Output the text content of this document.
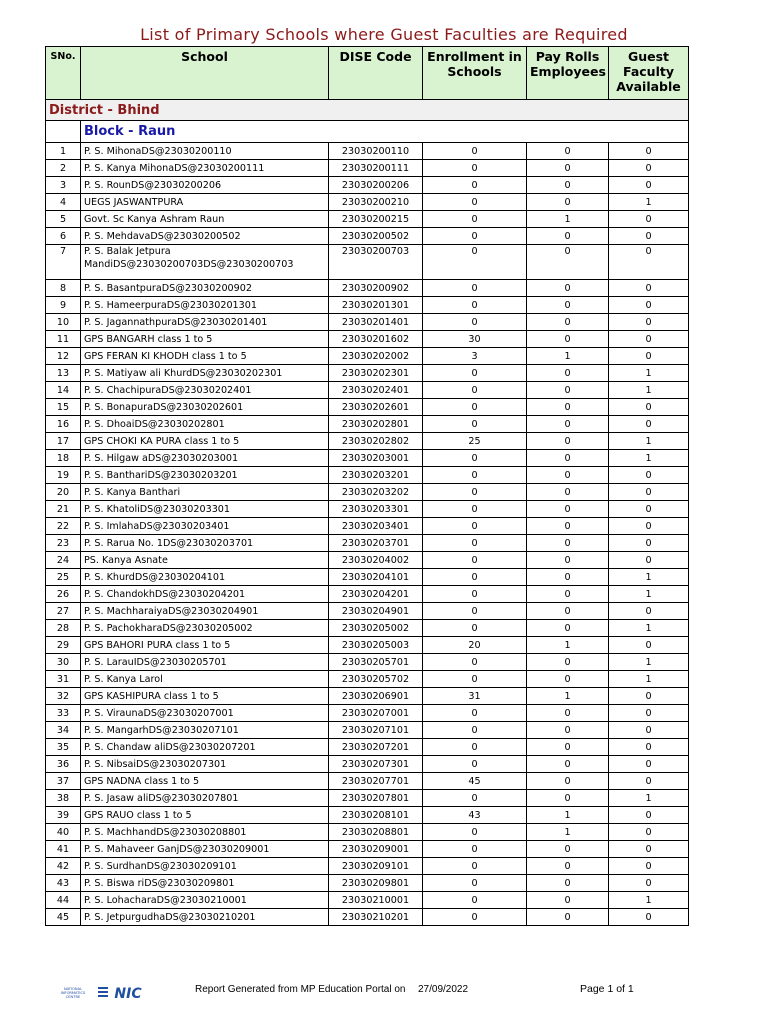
List of Primary Schools where Guest Faculties are Required
SNo.	School	DISE Code	Enrollment in Schools	Pay Rolls Employees	Guest Faculty Available
District - Bhind					
	Block - Raun				
1	P. S. MihonaDS@23030200110	23030200110	0	0	0
2	P. S. Kanya MihonaDS@23030200111	23030200111	0	0	0
3	P. S. RounDS@23030200206	23030200206	0	0	0
4	UEGS JASWANTPURA	23030200210	0	0	1
5	Govt. Sc Kanya Ashram Raun	23030200215	0	1	0
6	P. S. MehdavaDS@23030200502	23030200502	0	0	0
7	P. S. Balak Jetpura MandiDS@23030200703DS@23030200703	23030200703	0	0	0
8	P. S. BasantpuraDS@23030200902	23030200902	0	0	0
9	P. S. HameerpuraDS@23030201301	23030201301	0	0	0
10	P. S. JagannathpuraDS@23030201401	23030201401	0	0	0
11	GPS BANGARH class 1 to 5	23030201602	30	0	0
12	GPS FERAN KI KHODH class 1 to 5	23030202002	3	1	0
13	P. S. Matiyaw ali KhurdDS@23030202301	23030202301	0	0	1
14	P. S. ChachipuraDS@23030202401	23030202401	0	0	1
15	P. S. BonapuraDS@23030202601	23030202601	0	0	0
16	P. S. DhoaiDS@23030202801	23030202801	0	0	0
17	GPS CHOKI KA PURA class 1 to 5	23030202802	25	0	1
18	P. S. Hilgaw aDS@23030203001	23030203001	0	0	1
19	P. S. BanthariDS@23030203201	23030203201	0	0	0
20	P. S. Kanya Banthari	23030203202	0	0	0
21	P. S. KhatoliDS@23030203301	23030203301	0	0	0
22	P. S. ImlahaDS@23030203401	23030203401	0	0	0
23	P. S. Rarua No. 1DS@23030203701	23030203701	0	0	0
24	PS. Kanya Asnate	23030204002	0	0	0
25	P. S. KhurdDS@23030204101	23030204101	0	0	1
26	P. S. ChandokhDS@23030204201	23030204201	0	0	1
27	P. S. MachharaiyaDS@23030204901	23030204901	0	0	0
28	P. S. PachokharaDS@23030205002	23030205002	0	0	1
29	GPS BAHORI PURA class 1 to 5	23030205003	20	1	0
30	P. S. LarauIDS@23030205701	23030205701	0	0	1
31	P. S. Kanya Larol	23030205702	0	0	1
32	GPS KASHIPURA class 1 to 5	23030206901	31	1	0
33	P. S. ViraunaDS@23030207001	23030207001	0	0	0
34	P. S. MangarhDS@23030207101	23030207101	0	0	0
35	P. S. Chandaw aliDS@23030207201	23030207201	0	0	0
36	P. S. NibsaiDS@23030207301	23030207301	0	0	0
37	GPS NADNA class 1 to 5	23030207701	45	0	0
38	P. S. Jasaw aliDS@23030207801	23030207801	0	0	1
39	GPS RAUO class 1 to 5	23030208101	43	1	0
40	P. S. MachhandDS@23030208801	23030208801	0	1	0
41	P. S. Mahaveer GanjDS@23030209001	23030209001	0	0	0
42	P. S. SurdhanDS@23030209101	23030209101	0	0	0
43	P. S. Biswa riDS@23030209801	23030209801	0	0	0
44	P. S. LohacharaDS@23030210001	23030210001	0	0	1
45	P. S. JetpurgudhaDS@23030210201	23030210201	0	0	0
NATIONAL
INFORMATICS
CENTRE NIC	Report Generated from MP Education Portal on 27/09/2022	Page 1 of 1
